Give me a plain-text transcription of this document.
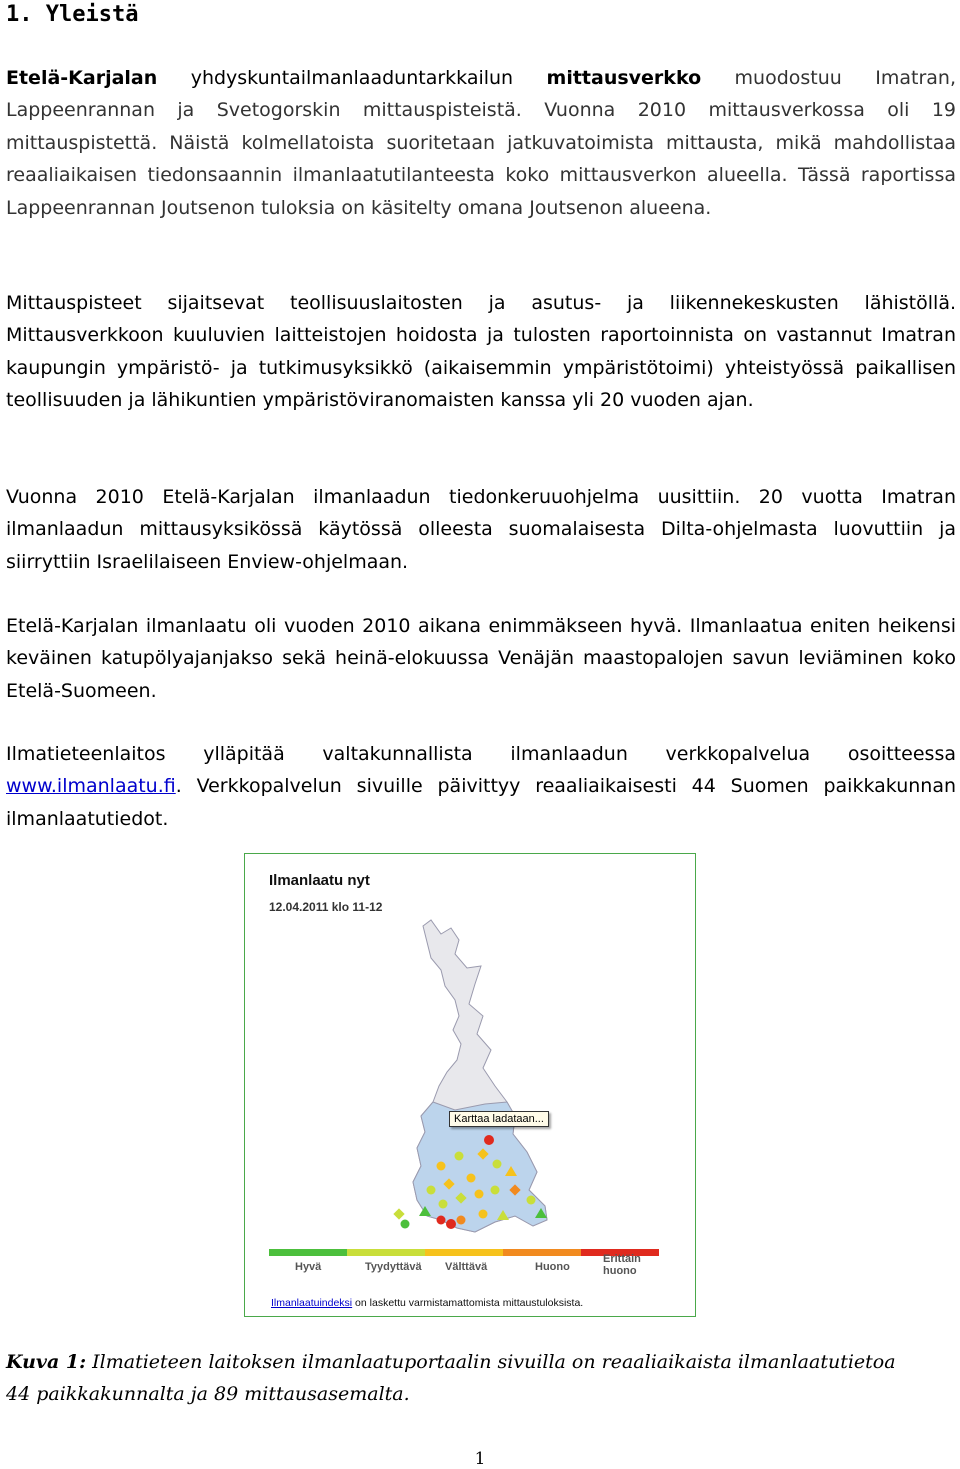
1. Yleistä

Etelä-Karjalan yhdyskuntailmanlaaduntarkkailun mittausverkko muodostuu Imatran, Lappeenrannan ja Svetogorskin mittauspisteistä. Vuonna 2010 mittausverkossa oli 19 mittauspistettä. Näistä kolmellatoista suoritetaan jatkuvatoimista mittausta, mikä mahdollistaa reaaliaikaisen tiedonsaannin ilmanlaatutilanteesta koko mittausverkon alueella. Tässä raportissa Lappeenrannan Joutsenon tuloksia on käsitelty omana Joutsenon alueena.

Mittauspisteet sijaitsevat teollisuuslaitosten ja asutus- ja liikennekeskusten lähistöllä. Mittausverkkoon kuuluvien laitteistojen hoidosta ja tulosten raportoinnista on vastannut Imatran kaupungin ympäristö- ja tutkimusyksikkö (aikaisemmin ympäristötoimi) yhteistyössä paikallisen teollisuuden ja lähikuntien ympäristöviranomaisten kanssa yli 20 vuoden ajan.

Vuonna 2010 Etelä-Karjalan ilmanlaadun tiedonkeruuohjelma uusittiin. 20 vuotta Imatran ilmanlaadun mittausyksikössä käytössä olleesta suomalaisesta Dilta-ohjelmasta luovuttiin ja siirryttiin Israelilaiseen Enview-ohjelmaan.

Etelä-Karjalan ilmanlaatu oli vuoden 2010 aikana enimmäkseen hyvä. Ilmanlaatua eniten heikensi keväinen katupölyajanjakso sekä heinä-elokuussa Venäjän maastopalojen savun leviäminen koko Etelä-Suomeen.

Ilmatieteenlaitos ylläpitää valtakunnallista ilmanlaadun verkkopalvelua osoitteessa www.ilmanlaatu.fi. Verkkopalvelun sivuille päivittyy reaaliaikaisesti 44 Suomen paikkakunnan ilmanlaatutiedot.

Ilmanlaatu nyt
12.04.2011 klo 11-12
Karttaa ladataan...
Hyvä	Tyydyttävä Välttävä	Huono
Erittäin huono
Ilmanlaatuindeksi on laskettu varmistamattomista mittaustuloksista.

Kuva 1: Ilmatieteen laitoksen ilmanlaatuportaalin sivuilla on reaaliaikaista ilmanlaatutietoa 44 paikkakunnalta ja 89 mittausasemalta.

1
